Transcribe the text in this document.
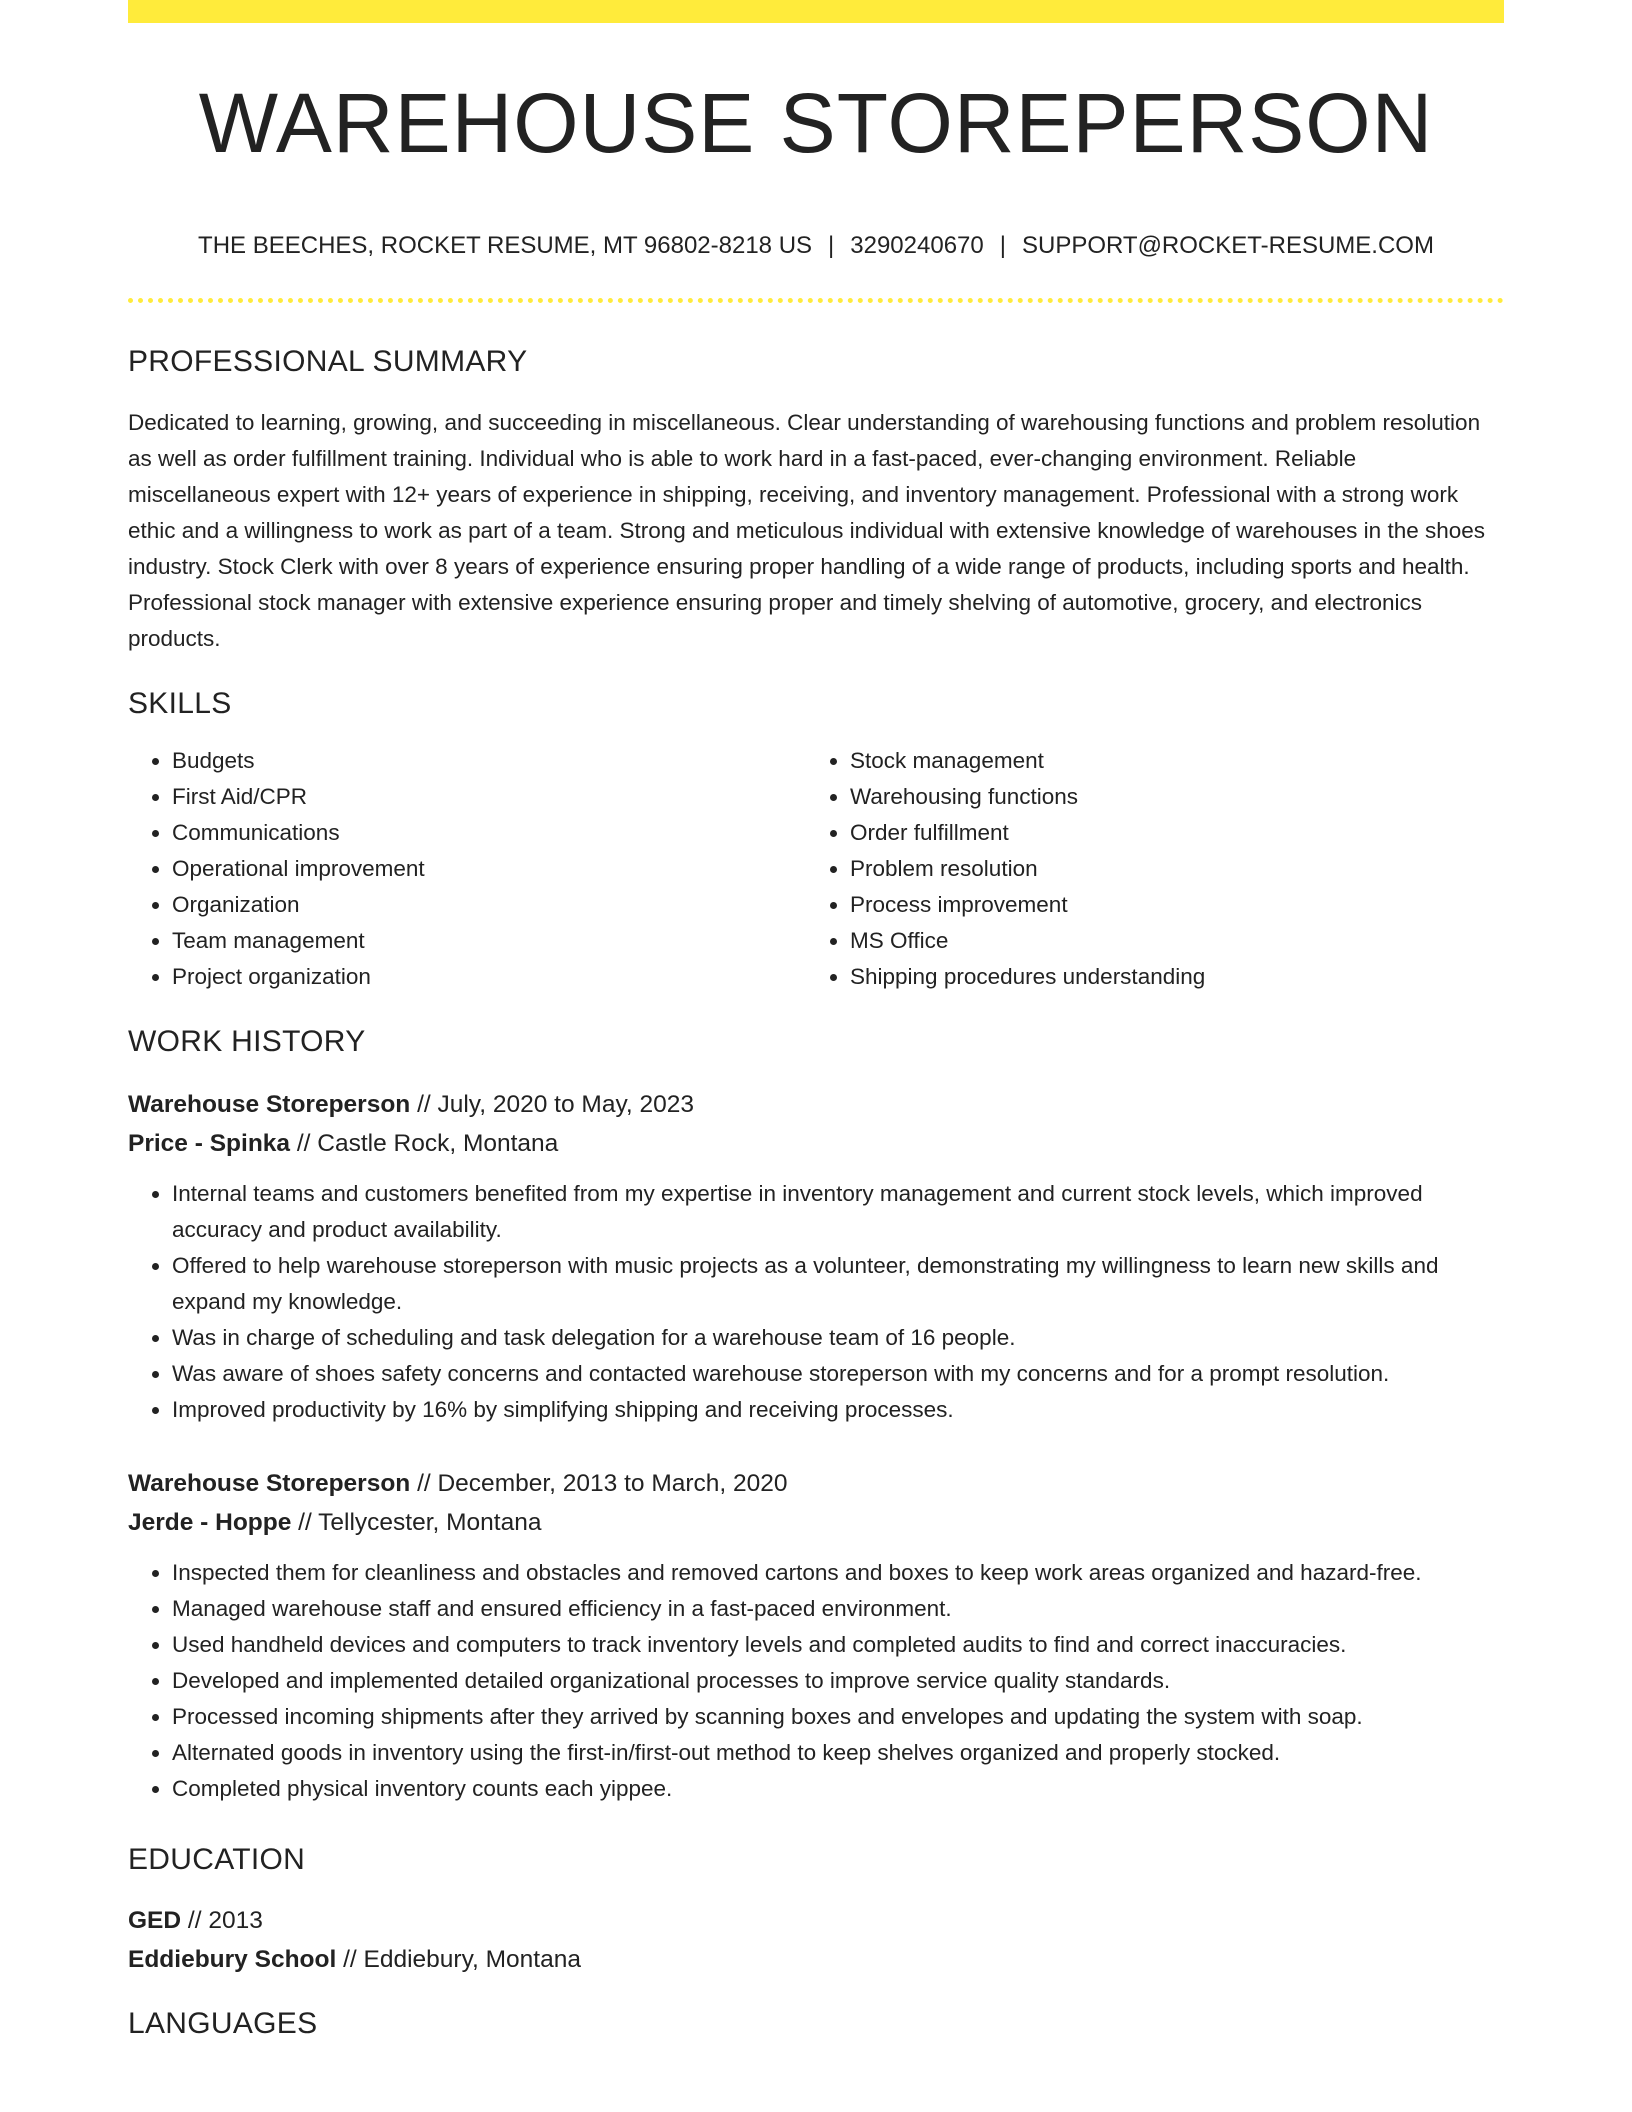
WAREHOUSE STOREPERSON
THE BEECHES, ROCKET RESUME, MT 96802-8218 US | 3290240670 | SUPPORT@ROCKET-RESUME.COM
PROFESSIONAL SUMMARY

Dedicated to learning, growing, and succeeding in miscellaneous. Clear understanding of warehousing functions and problem resolution as well as order fulfillment training. Individual who is able to work hard in a fast-paced, ever-changing environment. Reliable miscellaneous expert with 12+ years of experience in shipping, receiving, and inventory management. Professional with a strong work ethic and a willingness to work as part of a team. Strong and meticulous individual with extensive knowledge of warehouses in the shoes industry. Stock Clerk with over 8 years of experience ensuring proper handling of a wide range of products, including sports and health. Professional stock manager with extensive experience ensuring proper and timely shelving of automotive, grocery, and electronics products.

SKILLS
• Budgets
• First Aid/CPR
• Communications
• Operational improvement
• Organization
• Team management
• Project organization
• Stock management
• Warehousing functions
• Order fulfillment
• Problem resolution
• Process improvement
• MS Office
• Shipping procedures understanding
WORK HISTORY
Warehouse Storeperson // July, 2020 to May, 2023
Price - Spinka // Castle Rock, Montana
• Internal teams and customers benefited from my expertise in inventory management and current stock levels, which improved accuracy and product availability.
• Offered to help warehouse storeperson with music projects as a volunteer, demonstrating my willingness to learn new skills and expand my knowledge.
• Was in charge of scheduling and task delegation for a warehouse team of 16 people.
• Was aware of shoes safety concerns and contacted warehouse storeperson with my concerns and for a prompt resolution.
• Improved productivity by 16% by simplifying shipping and receiving processes.
Warehouse Storeperson // December, 2013 to March, 2020
Jerde - Hoppe // Tellycester, Montana
• Inspected them for cleanliness and obstacles and removed cartons and boxes to keep work areas organized and hazard-free.
• Managed warehouse staff and ensured efficiency in a fast-paced environment.
• Used handheld devices and computers to track inventory levels and completed audits to find and correct inaccuracies.
• Developed and implemented detailed organizational processes to improve service quality standards.
• Processed incoming shipments after they arrived by scanning boxes and envelopes and updating the system with soap.
• Alternated goods in inventory using the first-in/first-out method to keep shelves organized and properly stocked.
• Completed physical inventory counts each yippee.
EDUCATION
GED // 2013
Eddiebury School // Eddiebury, Montana
LANGUAGES
